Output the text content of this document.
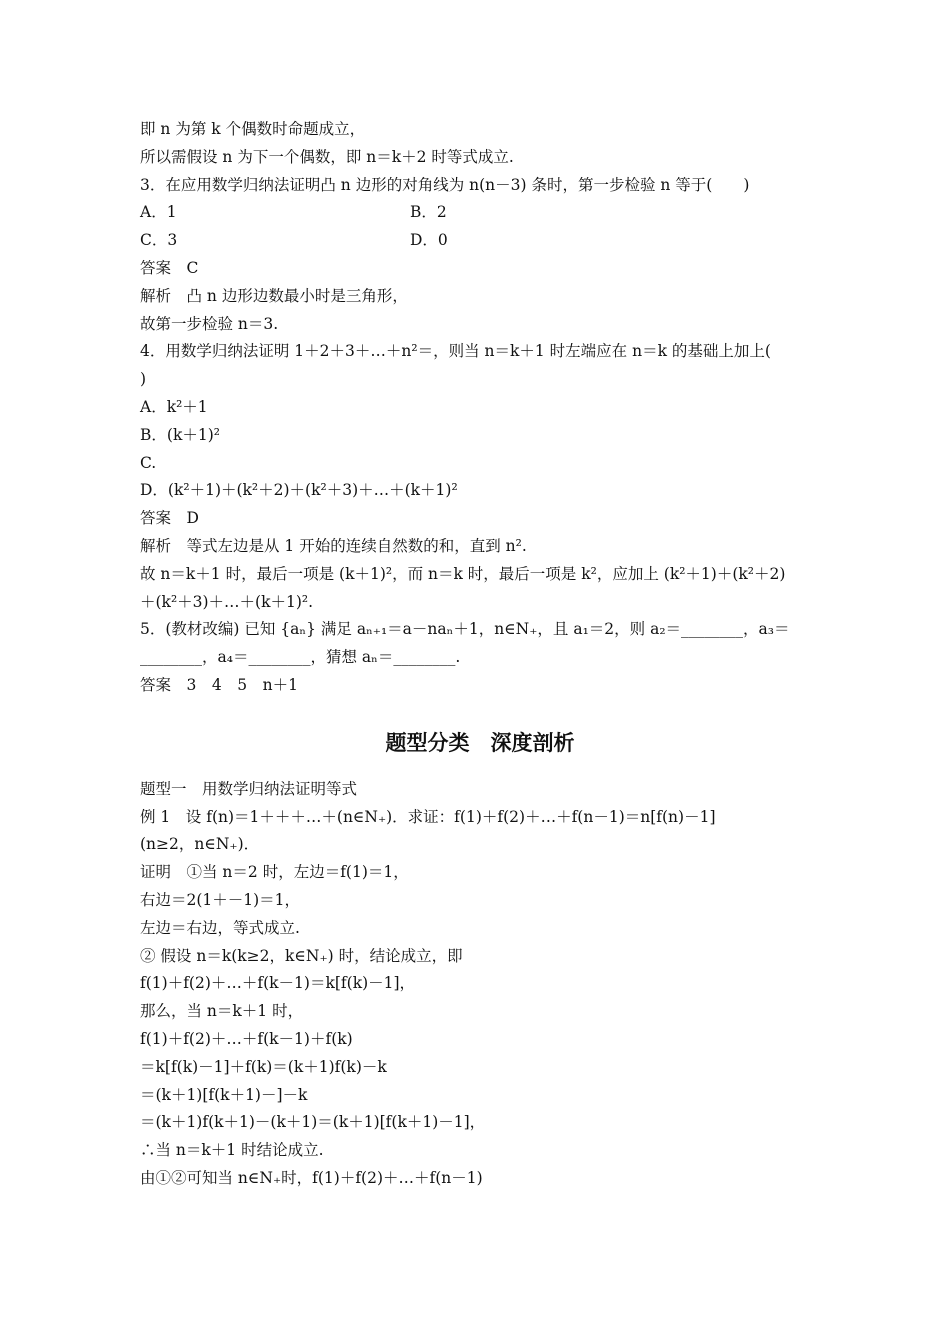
即 n 为第 k 个偶数时命题成立，
所以需假设 n 为下一个偶数，即 n＝k＋2 时等式成立.
3．在应用数学归纳法证明凸 n 边形的对角线为 n(n－3) 条时，第一步检验 n 等于(　　)
A．1	B．2
C．3	D．0
答案　C
解析　凸 n 边形边数最小时是三角形，
故第一步检验 n＝3.
4．用数学归纳法证明 1＋2＋3＋…＋n²＝，则当 n＝k＋1 时左端应在 n＝k 的基础上加上(
)
A．k²＋1
B．(k＋1)²
C.
D．(k²＋1)＋(k²＋2)＋(k²＋3)＋…＋(k＋1)²
答案　D
解析　等式左边是从 1 开始的连续自然数的和，直到 n².
故 n＝k＋1 时，最后一项是 (k＋1)²，而 n＝k 时，最后一项是 k²，应加上 (k²＋1)＋(k²＋2)
＋(k²＋3)＋…＋(k＋1)².
5．(教材改编) 已知 {aₙ} 满足 aₙ₊₁＝a－naₙ＋1，n∈N₊，且 a₁＝2，则 a₂＝________，a₃＝
________，a₄＝________，猜想 aₙ＝________.
答案　3　4　5　n＋1
题型分类　深度剖析
题型一　用数学归纳法证明等式
例 1　设 f(n)＝1＋＋＋…＋(n∈N₊)．求证：f(1)＋f(2)＋…＋f(n－1)＝n[f(n)－1]
(n≥2，n∈N₊)．
证明　①当 n＝2 时，左边＝f(1)＝1，
右边＝2(1＋－1)＝1，
左边＝右边，等式成立.
② 假设 n＝k(k≥2，k∈N₊) 时，结论成立，即
f(1)＋f(2)＋…＋f(k－1)＝k[f(k)－1]，
那么，当 n＝k＋1 时，
f(1)＋f(2)＋…＋f(k－1)＋f(k)
＝k[f(k)－1]＋f(k)＝(k＋1)f(k)－k
＝(k＋1)[f(k＋1)－]－k
＝(k＋1)f(k＋1)－(k＋1)＝(k＋1)[f(k＋1)－1]，
∴当 n＝k＋1 时结论成立.
由①②可知当 n∈N₊时，f(1)＋f(2)＋…＋f(n－1)
